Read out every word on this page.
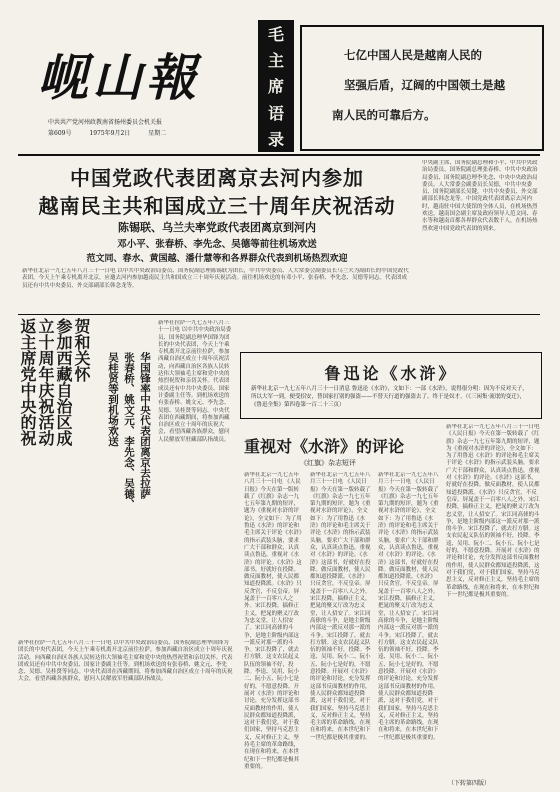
岘山報
中共共产党河州政教南省扬州委员会机关报
第609号	1975年9月2日	星期二
毛
主
席
语
录
七亿中国人民是越南人民的
坚强后盾，辽阔的中国领土是越
南人民的可靠后方。
中国党政代表团离京去河内参加
越南民主共和国成立三十周年庆祝活动
陈锡联、乌兰夫率党政代表团离京到河内
邓小平、张春桥、李先念、吴德等前往机场欢送
范文同、春水、黄国越、潘什慧等和各界群众代表到机场热烈欢迎
新华社北京一九七五年八月三十一日电 以中共中央政治局委员、国务院副总理陈锡联为团长，中共中央委员、人大常委会副委员长乌兰夫为副团长的中国党政代表团，今天上午乘专机离开北京，应邀去河内参加越南民主共和国成立三十周年庆祝活动。前往机场欢送的有邓小平、张春桥、李先念、吴德等同志。代表团成员还有中共中央委员、外交部副部长韩念龙等。
中央副主席、国务院副总理和小平、中共中央政治局委员、国务院副总理张春桥、中共中央政治局委员、国务院副总理李先念、中央中央政治局委员、人大常委会副委员长吴德，中共中央委员、国务院副部长吴键，中共中央委员、外交部副部长韩念龙等。中国党政代表团离京去河内时，越南驻中国大使馆的全体人员，在机场热烈欢送。越南国会副主席及政府领导人范文同、春水等和越南首都各界群众代表数千人，在机场热烈欢迎中国党政代表团的到来。
参加西藏自治区成
立十周年庆祝活动
返主席党中央的祝 贺和关怀
华国锋率中央代表团离京去拉萨
张春桥、姚文元、李先念、吴德、
吴桂贤等到机场欢送
新华社拉萨一九七五年八月三十一日电 以中共中央政治局委员、国务院副总理华国锋为团长的中央代表团，今天上午乘专机离开北京前往拉萨，参加西藏自治区成立十周年庆祝活动，向西藏自治区各族人民转达伟大领袖毛主席和党中央的热烈祝贺和亲切关怀。代表团成员还有中共中央委员、国家计委副主任等。到机场欢送的有张春桥、姚文元、李先念、吴德、吴桂贤等同志。中央代表团在西藏期间，将参加西藏自治区成立十周年的庆祝大会，看望西藏各族群众，慰问人民解放军驻藏部队指战员。
新华社拉萨一九七五年八月三十一日电 以中共中央政治局委员、国务院副总理华国锋为团长的中央代表团，今天上午乘专机离开北京前往拉萨，参加西藏自治区成立十周年庆祝活动，向西藏自治区各族人民转达伟大领袖毛主席和党中央的热烈祝贺和亲切关怀。代表团成员还有中共中央委员、国家计委副主任等。到机场欢送的有张春桥、姚文元、李先念、吴德、吴桂贤等同志。中央代表团在西藏期间，将参加西藏自治区成立十周年的庆祝大会，看望西藏各族群众，慰问人民解放军驻藏部队指战员。
鲁迅论《水浒》
新华社北京一九七五年八月三十一日消息 鲁迅论《水浒》，文如下：一部《水浒》，说得很分明：因为不反对天子，所以大军一到，便受招安，替国家打别的强盗——不替天行道的强盗去了。终于是奴才。（《三闲集·流氓的变迁》，《鲁迅全集》第四卷第一百二十三页）
重视对《水浒》的评论
《红旗》杂志短评
新华社北京一九七五年八月三十一日电 《人民日报》今天在第一版转载了《红旗》杂志一九七五年第九期的短评，题为《重视对水浒的评论》，全文如下：为了用鲁迅《水浒》的评论和毛主席关于评论《水浒》的指示武装头脑，要求广大干部和群众，认真读点鲁迅，重视对《水浒》的评论。《水浒》这部书，好就好在投降。做反面教材，使人民都知道投降派。《水浒》只反贪官，不反皇帝。屏晁盖于一百零八人之外。宋江投降，搞修正主义，把晁的聚义厅改为忠义堂，让人招安了。宋江同高俅的斗争，是地主阶级内部这一派反对那一派的斗争。宋江投降了，就去打方腊。这支农民起义队伍的领袖不好，投降。李逵、吴用、阮小二、阮小五、阮小七是好的，不愿意投降。开展对《水浒》的评论和讨论，充分发挥这部书反面教材的作用，使人民群众都知道投降派，这对于我们党，对于我们国家，坚持马克思主义，反对修正主义，坚持毛主席的革命路线，在现在和将来，在本世纪和下一世纪都是极其重要的。
新华社北京一九七五年八月三十一日电 《人民日报》今天在第一版转载了《红旗》杂志一九七五年第九期的短评，题为《重视对水浒的评论》，全文如下：为了用鲁迅《水浒》的评论和毛主席关于评论《水浒》的指示武装头脑，要求广大干部和群众，认真读点鲁迅，重视对《水浒》的评论。《水浒》这部书，好就好在投降。做反面教材，使人民都知道投降派。《水浒》只反贪官，不反皇帝。屏晁盖于一百零八人之外。宋江投降，搞修正主义，把晁的聚义厅改为忠义堂，让人招安了。宋江同高俅的斗争，是地主阶级内部这一派反对那一派的斗争。宋江投降了，就去打方腊。这支农民起义队伍的领袖不好，投降。李逵、吴用、阮小二、阮小五、阮小七是好的，不愿意投降。开展对《水浒》的评论和讨论，充分发挥这部书反面教材的作用，使人民群众都知道投降派，这对于我们党，对于我们国家，坚持马克思主义，反对修正主义，坚持毛主席的革命路线，在现在和将来，在本世纪和下一世纪都是极其重要的。
新华社北京一九七五年八月三十一日电 《人民日报》今天在第一版转载了《红旗》杂志一九七五年第九期的短评，题为《重视对水浒的评论》，全文如下：为了用鲁迅《水浒》的评论和毛主席关于评论《水浒》的指示武装头脑，要求广大干部和群众，认真读点鲁迅，重视对《水浒》的评论。《水浒》这部书，好就好在投降。做反面教材，使人民都知道投降派。《水浒》只反贪官，不反皇帝。屏晁盖于一百零八人之外。宋江投降，搞修正主义，把晁的聚义厅改为忠义堂，让人招安了。宋江同高俅的斗争，是地主阶级内部这一派反对那一派的斗争。宋江投降了，就去打方腊。这支农民起义队伍的领袖不好，投降。李逵、吴用、阮小二、阮小五、阮小七是好的，不愿意投降。开展对《水浒》的评论和讨论，充分发挥这部书反面教材的作用，使人民群众都知道投降派，这对于我们党，对于我们国家，坚持马克思主义，反对修正主义，坚持毛主席的革命路线，在现在和将来，在本世纪和下一世纪都是极其重要的。
新华社北京一九七五年八月三十一日电 《人民日报》今天在第一版转载了《红旗》杂志一九七五年第九期的短评，题为《重视对水浒的评论》，全文如下：为了用鲁迅《水浒》的评论和毛主席关于评论《水浒》的指示武装头脑，要求广大干部和群众，认真读点鲁迅，重视对《水浒》的评论。《水浒》这部书，好就好在投降。做反面教材，使人民都知道投降派。《水浒》只反贪官，不反皇帝。屏晁盖于一百零八人之外。宋江投降，搞修正主义，把晁的聚义厅改为忠义堂，让人招安了。宋江同高俅的斗争，是地主阶级内部这一派反对那一派的斗争。宋江投降了，就去打方腊。这支农民起义队伍的领袖不好，投降。李逵、吴用、阮小二、阮小五、阮小七是好的，不愿意投降。开展对《水浒》的评论和讨论，充分发挥这部书反面教材的作用，使人民群众都知道投降派，这对于我们党，对于我们国家，坚持马克思主义，反对修正主义，坚持毛主席的革命路线，在现在和将来，在本世纪和下一世纪都是极其重要的。
（下转第四版）
